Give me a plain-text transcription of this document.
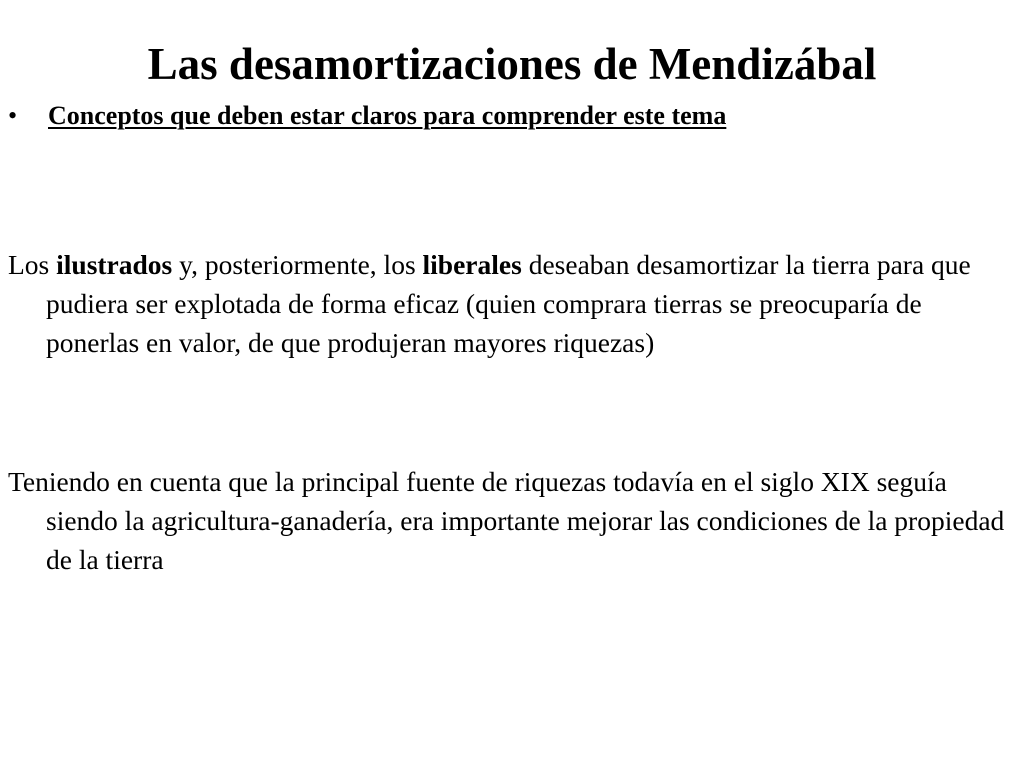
Las desamortizaciones de Mendizábal
• Conceptos que deben estar claros para comprender este tema

Los ilustrados y, posteriormente, los liberales deseaban desamortizar la tierra para que pudiera ser explotada de forma eficaz (quien comprara tierras se preocuparía de ponerlas en valor, de que produjeran mayores riquezas)

Teniendo en cuenta que la principal fuente de riquezas todavía en el siglo XIX seguía siendo la agricultura-ganadería, era importante mejorar las condiciones de la propiedad de la tierra
